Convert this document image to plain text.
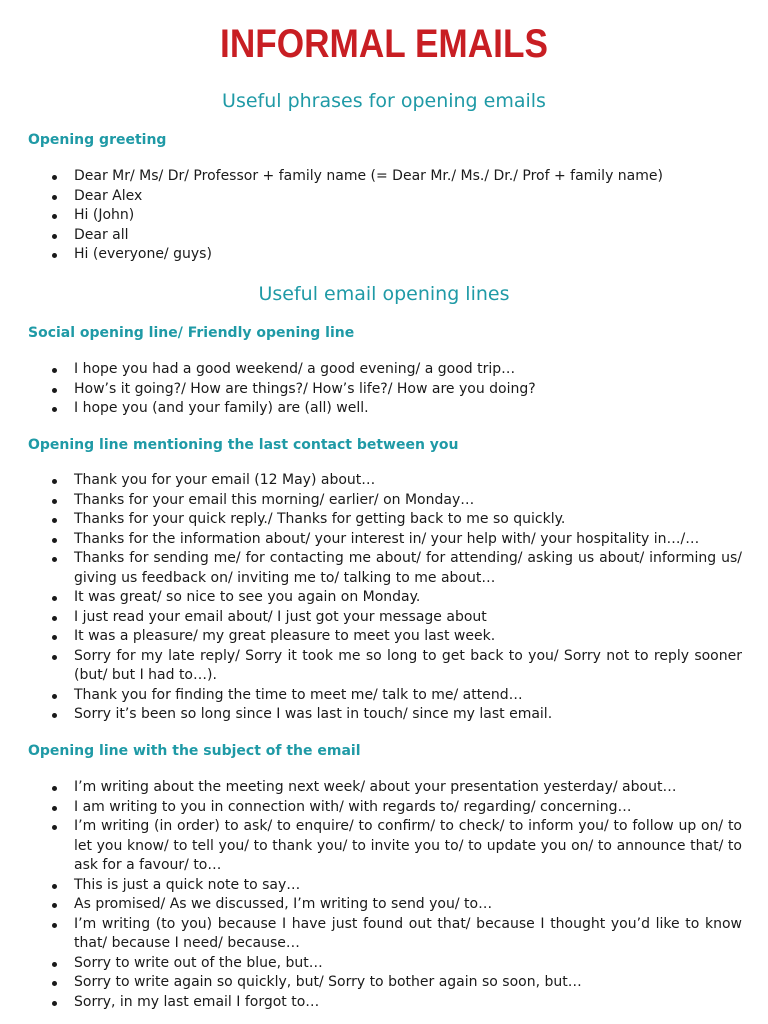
INFORMAL EMAILS
Useful phrases for opening emails
Opening greeting
Dear Mr/ Ms/ Dr/ Professor + family name (= Dear Mr./ Ms./ Dr./ Prof + family name)
Dear Alex
Hi (John)
Dear all
Hi (everyone/ guys)
Useful email opening lines
Social opening line/ Friendly opening line
I hope you had a good weekend/ a good evening/ a good trip…
How’s it going?/ How are things?/ How’s life?/ How are you doing?
I hope you (and your family) are (all) well.
Opening line mentioning the last contact between you
Thank you for your email (12 May) about…
Thanks for your email this morning/ earlier/ on Monday…
Thanks for your quick reply./ Thanks for getting back to me so quickly.
Thanks for the information about/ your interest in/ your help with/ your hospitality in…/…
Thanks for sending me/ for contacting me about/ for attending/ asking us about/ informing us/ giving us feedback on/ inviting me to/ talking to me about…
It was great/ so nice to see you again on Monday.
I just read your email about/ I just got your message about
It was a pleasure/ my great pleasure to meet you last week.
Sorry for my late reply/ Sorry it took me so long to get back to you/ Sorry not to reply sooner (but/ but I had to…).
Thank you for finding the time to meet me/ talk to me/ attend…
Sorry it’s been so long since I was last in touch/ since my last email.
Opening line with the subject of the email
I’m writing about the meeting next week/ about your presentation yesterday/ about…
I am writing to you in connection with/ with regards to/ regarding/ concerning…
I’m writing (in order) to ask/ to enquire/ to confirm/ to check/ to inform you/ to follow up on/ to let you know/ to tell you/ to thank you/ to invite you to/ to update you on/ to announce that/ to ask for a favour/ to…
This is just a quick note to say…
As promised/ As we discussed, I’m writing to send you/ to…
I’m writing (to you) because I have just found out that/ because I thought you’d like to know that/ because I need/ because…
Sorry to write out of the blue, but…
Sorry to write again so quickly, but/ Sorry to bother again so soon, but…
Sorry, in my last email I forgot to…
